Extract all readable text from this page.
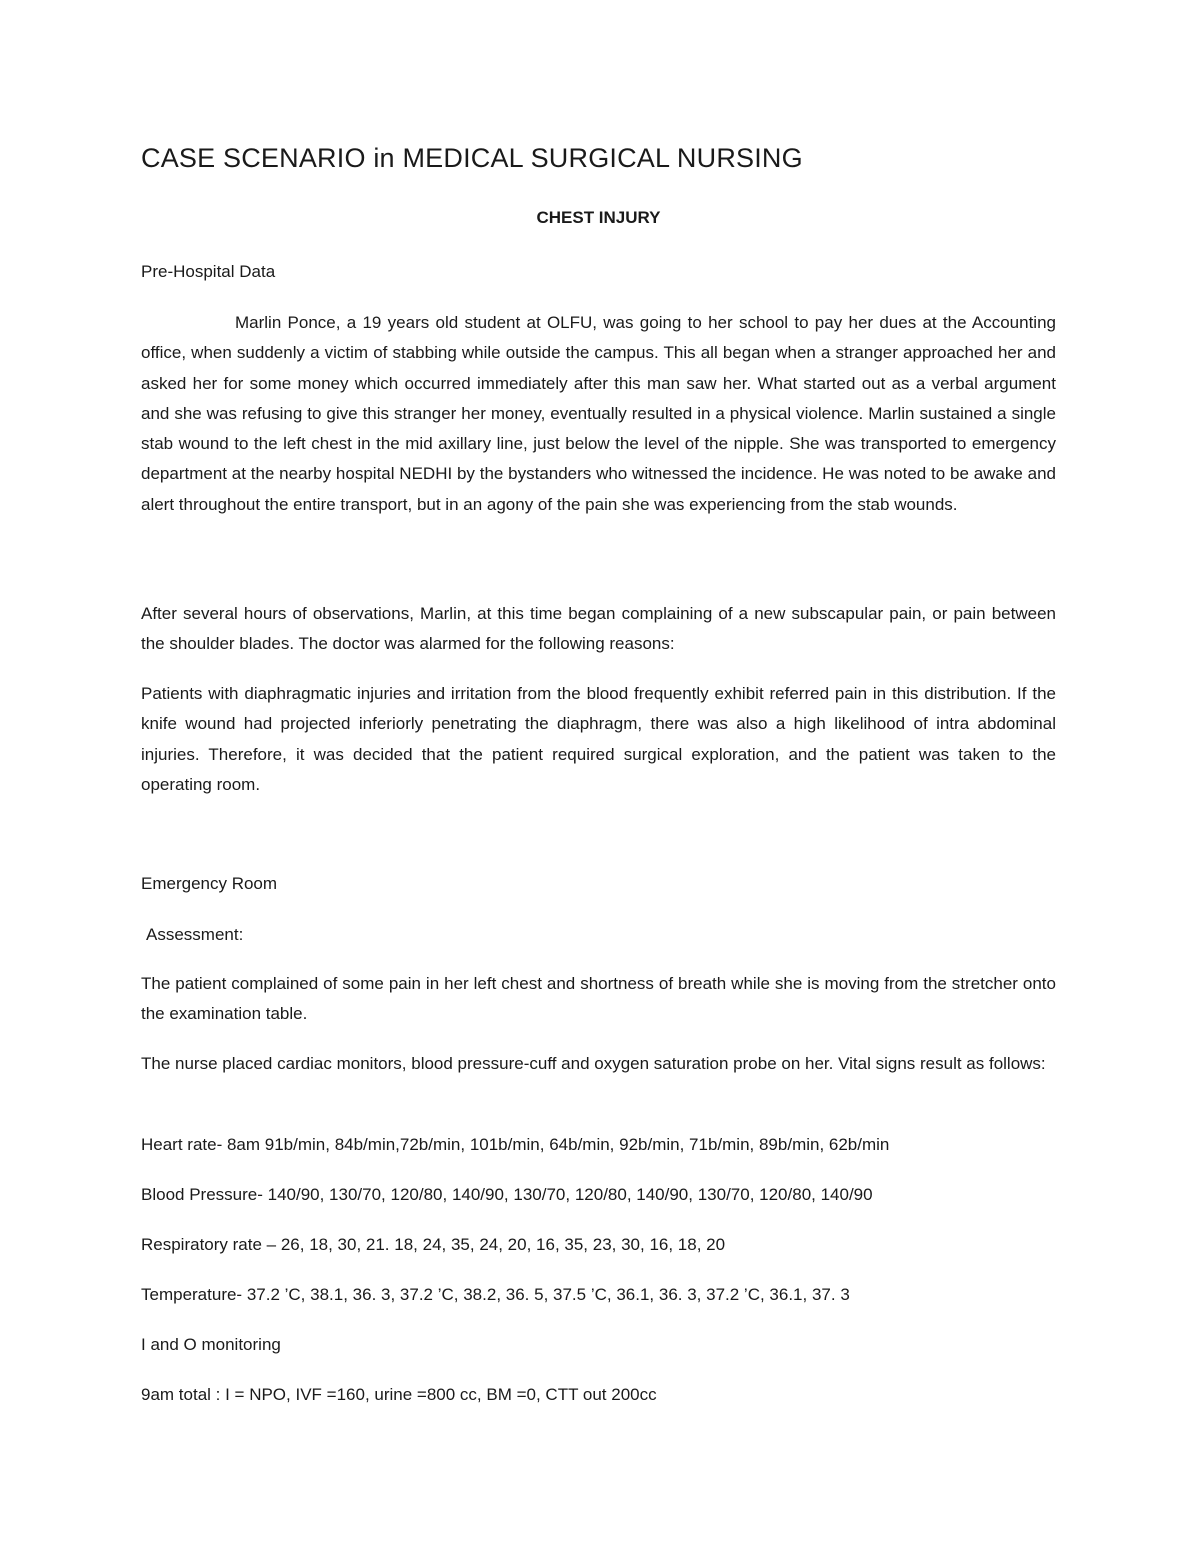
CASE SCENARIO in MEDICAL SURGICAL NURSING
CHEST INJURY

Pre-Hospital Data

Marlin Ponce, a 19 years old student at OLFU, was going to her school to pay her dues at the Accounting office, when suddenly a victim of stabbing while outside the campus. This all began when a stranger approached her and asked her for some money which occurred immediately after this man saw her. What started out as a verbal argument and she was refusing to give this stranger her money, eventually resulted in a physical violence. Marlin sustained a single stab wound to the left chest in the mid axillary line, just below the level of the nipple. She was transported to emergency department at the nearby hospital NEDHI by the bystanders who witnessed the incidence. He was noted to be awake and alert throughout the entire transport, but in an agony of the pain she was experiencing from the stab wounds.

After several hours of observations, Marlin, at this time began complaining of a new subscapular pain, or pain between the shoulder blades. The doctor was alarmed for the following reasons:

Patients with diaphragmatic injuries and irritation from the blood frequently exhibit referred pain in this distribution. If the knife wound had projected inferiorly penetrating the diaphragm, there was also a high likelihood of intra abdominal injuries. Therefore, it was decided that the patient required surgical exploration, and the patient was taken to the operating room.

Emergency Room

Assessment:

The patient complained of some pain in her left chest and shortness of breath while she is moving from the stretcher onto the examination table.

The nurse placed cardiac monitors, blood pressure-cuff and oxygen saturation probe on her. Vital signs result as follows:

Heart rate- 8am 91b/min, 84b/min,72b/min, 101b/min, 64b/min, 92b/min, 71b/min, 89b/min, 62b/min

Blood Pressure- 140/90, 130/70, 120/80, 140/90, 130/70, 120/80, 140/90, 130/70, 120/80, 140/90

Respiratory rate – 26, 18, 30, 21. 18, 24, 35, 24, 20, 16, 35, 23, 30, 16, 18, 20

Temperature- 37.2 ’C, 38.1, 36. 3, 37.2 ’C, 38.2, 36. 5, 37.5 ’C, 36.1, 36. 3, 37.2 ’C, 36.1, 37. 3

I and O monitoring

9am total : I = NPO, IVF =160, urine =800 cc, BM =0, CTT out 200cc
